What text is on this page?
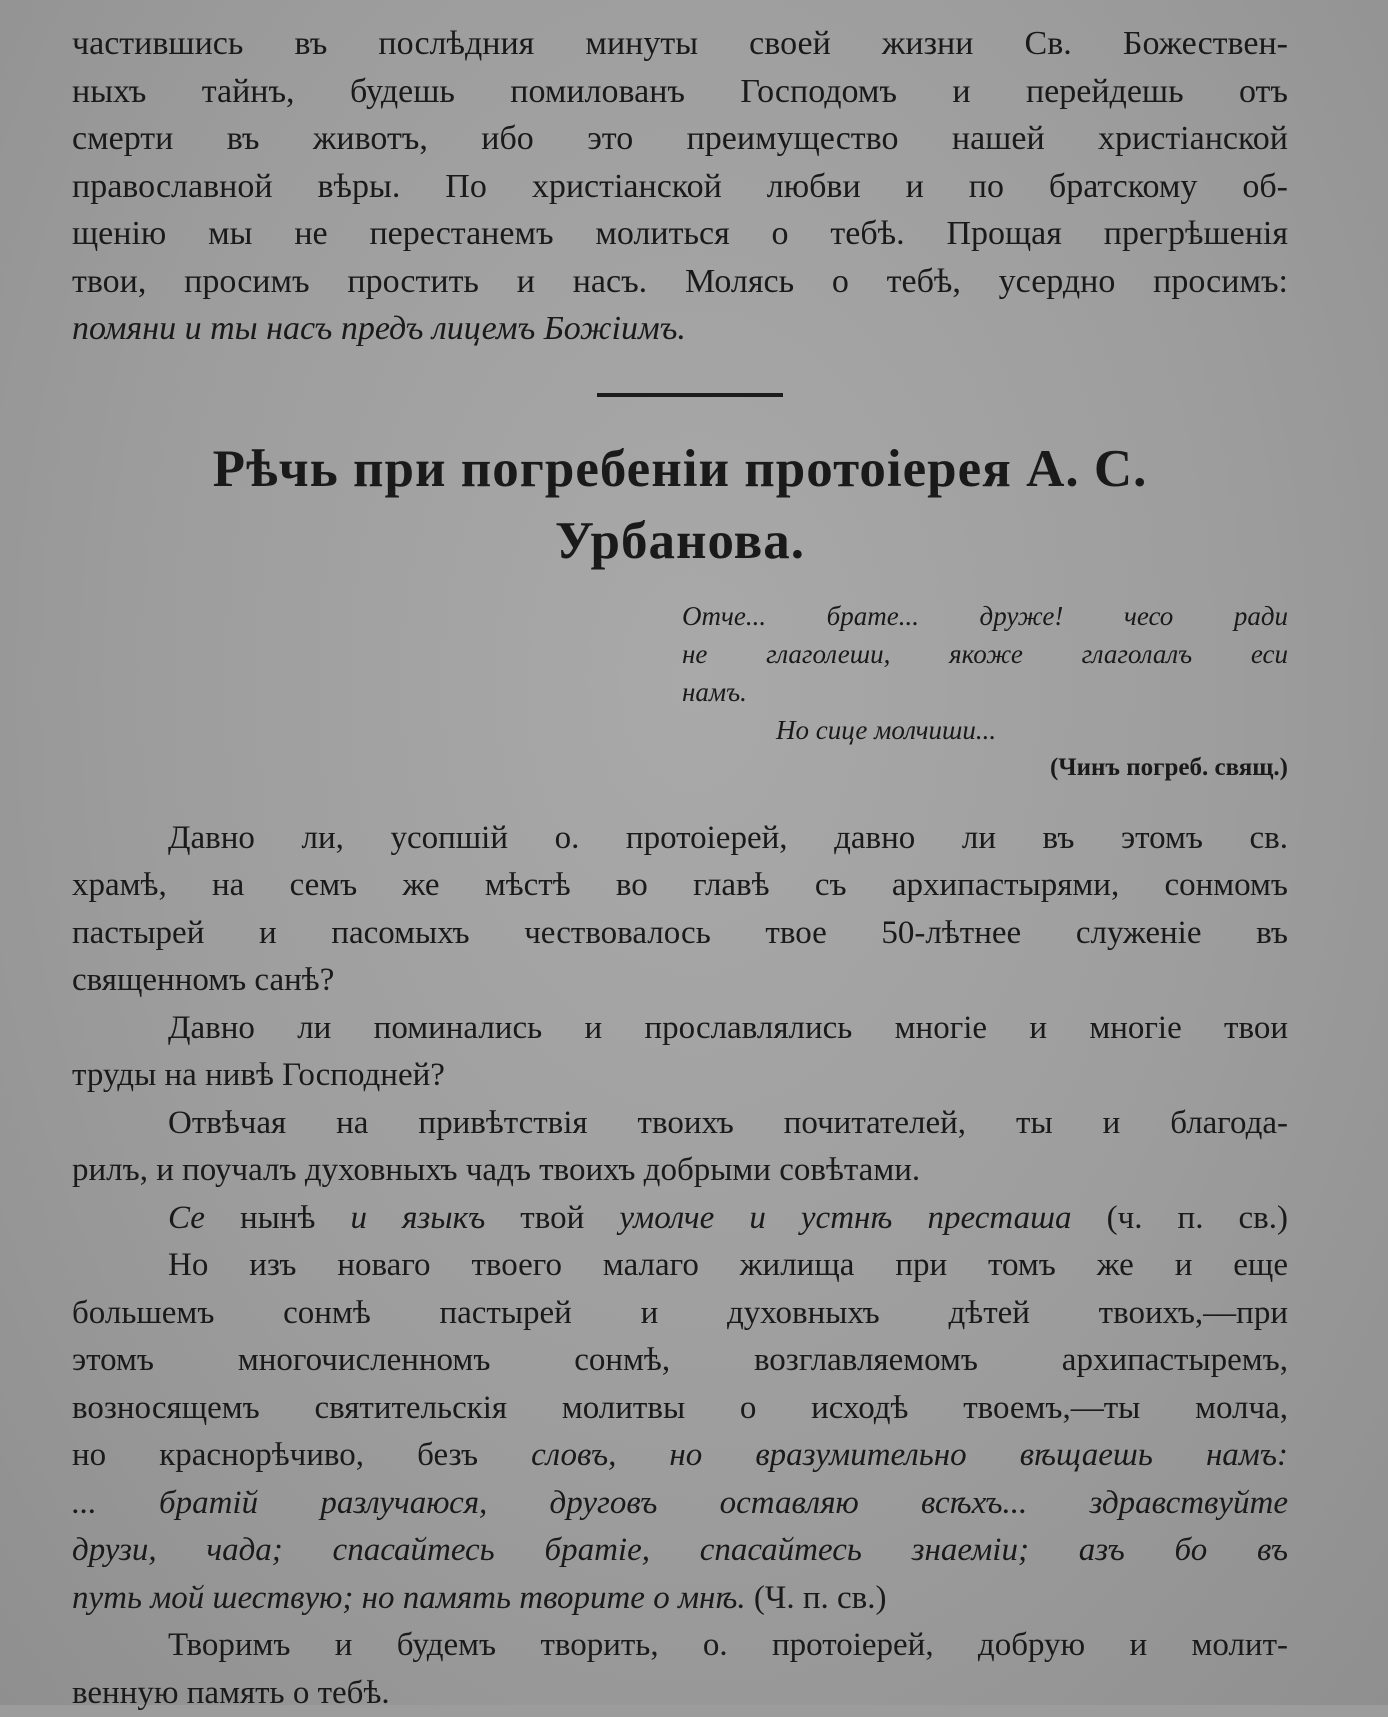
частившись въ послѣдния минуты своей жизни Св. Божествен-
ныхъ тайнъ, будешь помилованъ Господомъ и перейдешь отъ
смерти въ животъ, ибо это преимущество нашей христiанской
православной вѣры. По христiанской любви и по братскому об-
щенiю мы не перестанемъ молиться о тебѣ. Прощая прегрѣшенiя
твои, просимъ простить и насъ. Молясь о тебѣ, усердно просимъ:
помяни и ты насъ предъ лицемъ Божiимъ.
Рѣчь при погребенiи протоiерея А. С.
Урбанова.
Отче... брате... друже! чесо ради
не глаголеши, якоже глаголалъ еси
намъ.
Но сице молчиши...
(Чинъ погреб. свящ.)
Давно ли, усопшiй о. протоiерей, давно ли въ этомъ св.
храмѣ, на семъ же мѣстѣ во главѣ съ архипастырями, сонмомъ
пастырей и пасомыхъ чествовалось твое 50-лѣтнее служенiе въ
священномъ санѣ?
Давно ли поминались и прославлялись многiе и многiе твои
труды на нивѣ Господней?
Отвѣчая на привѣтствiя твоихъ почитателей, ты и благода-
рилъ, и поучалъ духовныхъ чадъ твоихъ добрыми совѣтами.
Се нынѣ и языкъ твой умолче и устнѣ престаша (ч. п. св.)
Но изъ новаго твоего малаго жилища при томъ же и еще
большемъ сонмѣ пастырей и духовныхъ дѣтей твоихъ,—при
этомъ многочисленномъ сонмѣ, возглавляемомъ архипастыремъ,
возносящемъ святительскiя молитвы о исходѣ твоемъ,—ты молча,
но краснорѣчиво, безъ словъ, но вразумительно вѣщаешь намъ:
... братiй разлучаюся, друговъ оставляю всѣхъ... здравствуйте
друзи, чада; спасайтесь братiе, спасайтесь знаемiи; азъ бо въ
путь мой шествую; но память творите о мнѣ. (Ч. п. св.)
Творимъ и будемъ творить, о. протоiерей, добрую и молит-
венную память о тебѣ.
